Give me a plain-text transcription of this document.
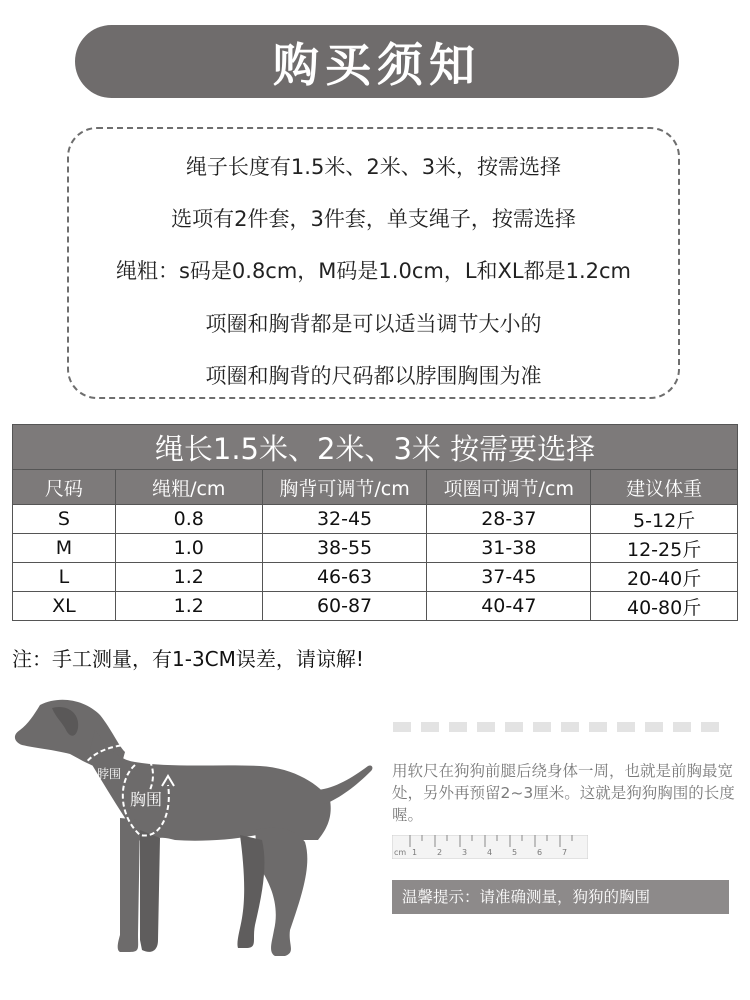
购买须知
绳子长度有1.5米、2米、3米，按需选择
选项有2件套，3件套，单支绳子，按需选择
绳粗：s码是0.8cm，M码是1.0cm，L和XL都是1.2cm
项圈和胸背都是可以适当调节大小的
项圈和胸背的尺码都以脖围胸围为准
绳长1.5米、2米、3米 按需要选择				
尺码	绳粗/cm	胸背可调节/cm	项圈可调节/cm	建议体重
S	0.8	32-45	28-37	5-12斤
M	1.0	38-55	31-38	12-25斤
L	1.2	46-63	37-45	20-40斤
XL	1.2	60-87	40-47	40-80斤
注：手工测量，有1-3CM误差，请谅解!
脖围
胸围
用软尺在狗狗前腿后绕身体一周，也就是前胸最宽处，另外再预留2~3厘米。这就是狗狗胸围的长度喔。
cm 1 2 3 4 5 6 7
温馨提示：请准确测量，狗狗的胸围
